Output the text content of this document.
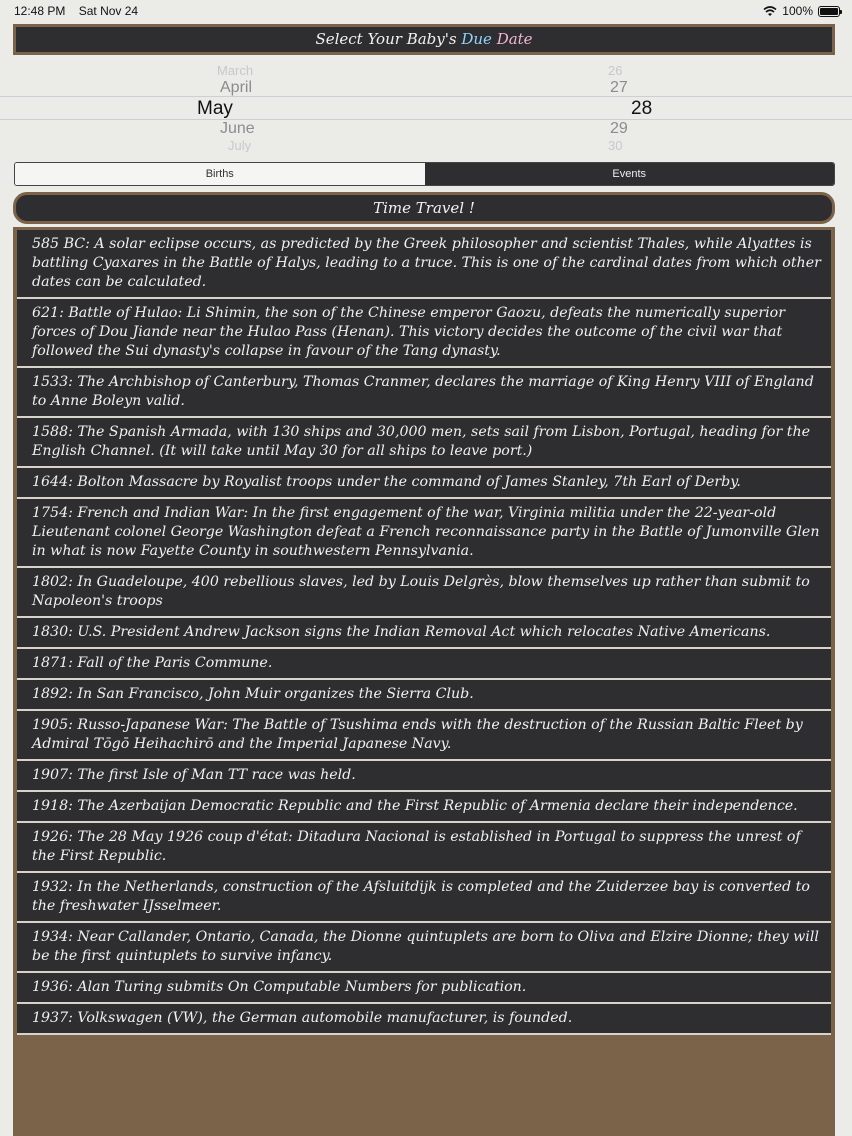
12:48 PM Sat Nov 24	100%
Select Your Baby's Due Date
March
April
May
June
July
26
27
28
29
30
Births	Events
Time Travel !
585 BC: A solar eclipse occurs, as predicted by the Greek philosopher and scientist Thales, while Alyattes is battling Cyaxares in the Battle of Halys, leading to a truce. This is one of the cardinal dates from which other dates can be calculated.
621: Battle of Hulao: Li Shimin, the son of the Chinese emperor Gaozu, defeats the numerically superior forces of Dou Jiande near the Hulao Pass (Henan). This victory decides the outcome of the civil war that followed the Sui dynasty's collapse in favour of the Tang dynasty.
1533: The Archbishop of Canterbury, Thomas Cranmer, declares the marriage of King Henry VIII of England to Anne Boleyn valid.
1588: The Spanish Armada, with 130 ships and 30,000 men, sets sail from Lisbon, Portugal, heading for the English Channel. (It will take until May 30 for all ships to leave port.)
1644: Bolton Massacre by Royalist troops under the command of James Stanley, 7th Earl of Derby.
1754: French and Indian War: In the first engagement of the war, Virginia militia under the 22-year-old Lieutenant colonel George Washington defeat a French reconnaissance party in the Battle of Jumonville Glen in what is now Fayette County in southwestern Pennsylvania.
1802: In Guadeloupe, 400 rebellious slaves, led by Louis Delgrès, blow themselves up rather than submit to Napoleon's troops
1830: U.S. President Andrew Jackson signs the Indian Removal Act which relocates Native Americans.
1871: Fall of the Paris Commune.
1892: In San Francisco, John Muir organizes the Sierra Club.
1905: Russo-Japanese War: The Battle of Tsushima ends with the destruction of the Russian Baltic Fleet by Admiral Tōgō Heihachirō and the Imperial Japanese Navy.
1907: The first Isle of Man TT race was held.
1918: The Azerbaijan Democratic Republic and the First Republic of Armenia declare their independence.
1926: The 28 May 1926 coup d'état: Ditadura Nacional is established in Portugal to suppress the unrest of the First Republic.
1932: In the Netherlands, construction of the Afsluitdijk is completed and the Zuiderzee bay is converted to the freshwater IJsselmeer.
1934: Near Callander, Ontario, Canada, the Dionne quintuplets are born to Oliva and Elzire Dionne; they will be the first quintuplets to survive infancy.
1936: Alan Turing submits On Computable Numbers for publication.
1937: Volkswagen (VW), the German automobile manufacturer, is founded.
